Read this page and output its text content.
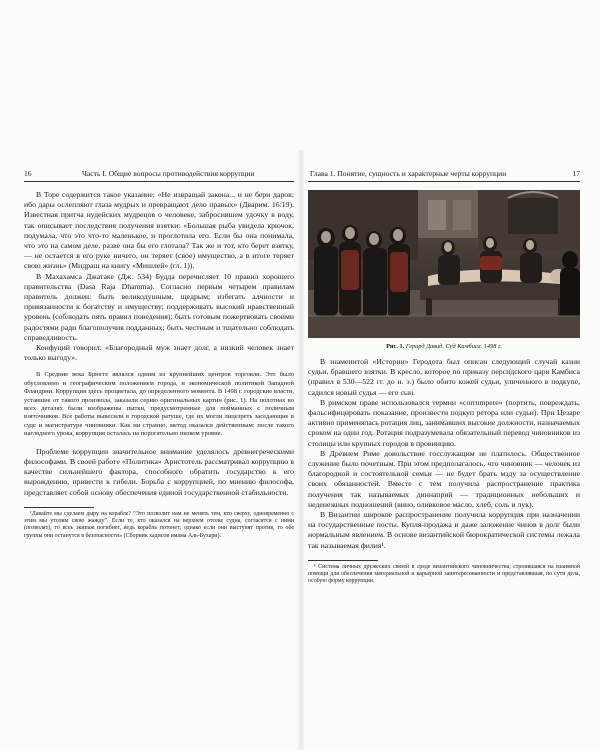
16	Часть I. Общие вопросы противодействия коррупции

В Торе содержится такое указание: «Не извращай закона... и не бери даров; ибо дары ослепляют глаза мудрых и превращают дело правых» (Дварим. 16:19). Известная притча иудейских мудрецов о человеке, забросившем удочку в воду, так описывает последствия получения взятки: «Большая рыба увидела крючок, подумала, что это что-то маленькое, и проглотила его. Если бы она понимала, что это на самом деле, разве она бы его глотала? Так же и тот, кто берет взятку, — не остается в его руке ничего, он теряет (свое) имущество, а в итоге теряет свою жизнь» (Мидраш на книгу «Мишлей» (гл. 1)).

В Махахамса Джатаке (Дж. 534) Будда перечисляет 10 правил хорошего правительства (Dasa Raja Dhamma). Согласно первым четырем правилам правитель должен: быть великодушным, щедрым; избегать алчности и привязанности к богатству и имуществу; поддерживать высокий нравственный уровень (соблюдать пять правил поведения); быть готовым пожертвовать своими радостями ради благополучия подданных; быть честным и тщательно соблюдать справедливость.

Конфуций говорил: «Благородный муж знает долг, а низкий человек знает только выгоду».

В Средние века Брюгге являлся одним из крупнейших центров торговли. Это было обусловлено и географическим положением города, и экономической политикой Западной Фландрии. Коррупция здесь процветала, до определенного момента. В 1498 г. городские власти, уставшие от такого произвола, заказали серию оригинальных картин (рис. 1). На полотнах во всех деталях были изображены пытки, предусмотренные для пойманных с поличным взяточников. Все работы вывесили в городской ратуше, где их могли лицезреть заседающие в суде и магистратуре чиновники. Как ни странно, метод оказался действенным: после такого наглядного урока, коррупция осталась на порогательно низком уровне.

Проблеме коррупции значительное внимание уделялось древнегреческими философами. В своей работе «Политика» Аристотель рассматривал коррупцию в качестве сильнейшего фактора, способного обратить государство к его вырождению, привести к гибели. Борьба с коррупцией, по мнению философа, представляет собой основу обеспечения единой государственной стабильности.

¹Давайте мы сделаем дыру на корабле? “Это позволит нам не менять тем, кто сверху, одновременно с этим мы утолим свою жажду”. Если те, кто оказался на верхнем отсеке судна, согласятся с ними (позволят), то всеь экипаж погибнет, ведь корабль потонет; однако если они выступят против, то обе группы они останутся в безопасности» (Сборник хадисов имама Аль-Бухари).

Глава 1. Понятие, сущность и характерные черты коррупции	17

Рис. 1. Герард Давид. Суд Камбиса. 1498 г.

В знаменитой «Истории» Геродота был описан следующий случай казни судьи, бравшего взятки. В кресло, которое по приказу персидского царя Камбиса (правил в 530—522 гг. до н. э.) было обито кожей судьи, уличенного в подкупе, садился новый судья — его сын.

В римском праве использовался термин «corrumpere» (портить, повреждать, фальсифицировать показание, произвести подкуп ретора или судьи). При Цезаре активно применялась ротация лиц, занимавших высокие должности, назначаемых сроком на один год. Ротация подразумевала обязательный перевод чиновников из столицы или крупных городов в провинцию.

В Древнем Риме довольствие госслужащим не платилось. Общественное служение было почетным. При этом предполагалось, что чиновник — человек из благородной и состоятельной семьи — не будет брать мзду за осуществление своих обязанностей. Вместе с тем получила распространение практика получения так называемых диннаприй — традиционных небольших и неденежных подношений (вино, оливковое масло, хлеб, соль и лук).

В Византии широкое распространение получила коррупция при назначении на государственные посты. Купля-продажа и даже заложение чинов в долг были нормальным явлением. В основе византийской бюрократической системы лежала так называемая филия¹.

¹ Система личных дружеских связей в среде византийского чиновничества, строившаяся на взаимной помощи для обеспечения материальной и карьерной заинтересованности и представлявшая, по сути дела, особую форму коррупции.
